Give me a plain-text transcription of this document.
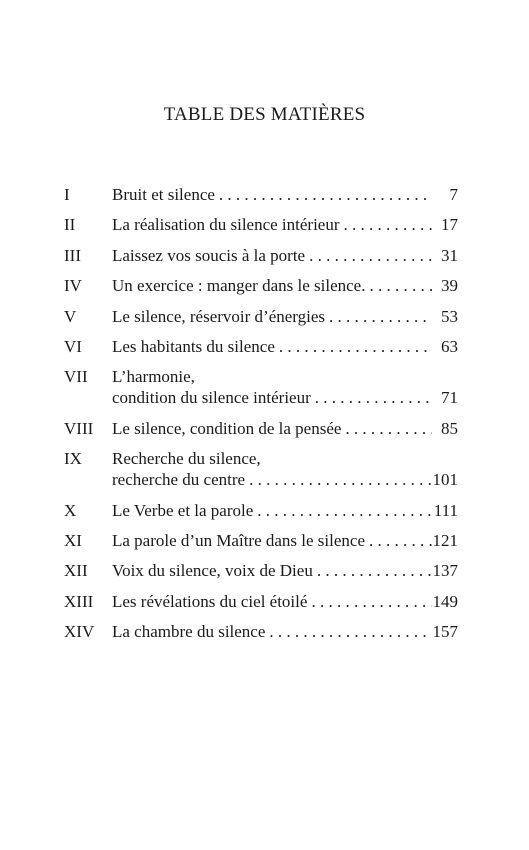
TABLE DES MATIÈRES
I	Bruit et silence . . .	7
II	La réalisation du silence intérieur . . .	17
III	Laissez vos soucis à la porte . . .	31
IV	Un exercice : manger dans le silence. . . .	39
V	Le silence, réservoir d’énergies . . .	53
VI	Les habitants du silence . . .	63
VII	L’harmonie,
condition du silence intérieur . . .	71
VIII	Le silence, condition de la pensée . . .	85
IX	Recherche du silence,
recherche du centre . . .	101
X	Le Verbe et la parole . . .	111
XI	La parole d’un Maître dans le silence . . .	121
XII	Voix du silence, voix de Dieu . . .	137
XIII	Les révélations du ciel étoilé . . .	149
XIV	La chambre du silence . . .	157
